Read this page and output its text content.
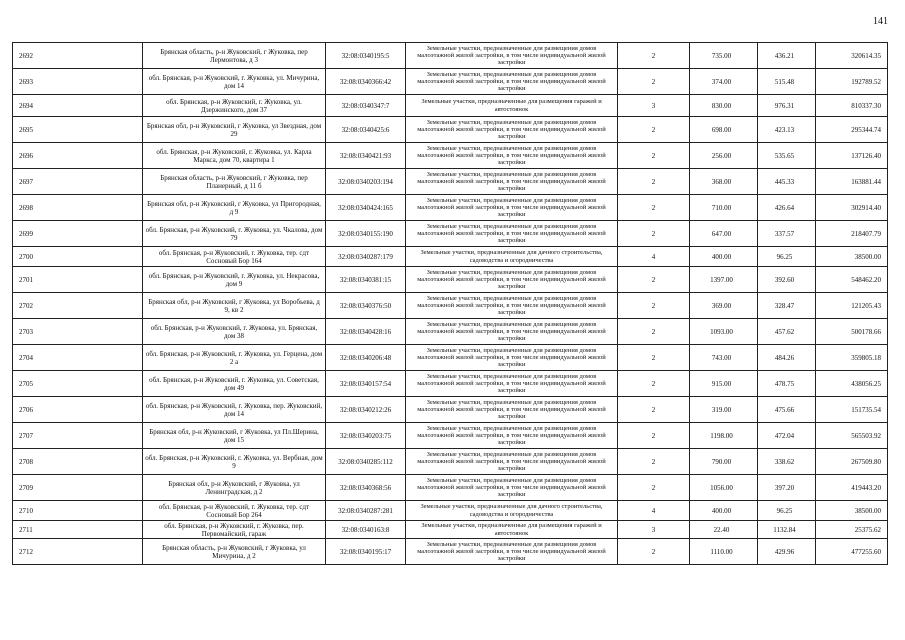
141
2692	Брянская область, р-н Жуковский, г Жуковка, пер Лермонтова, д 3	32:08:0340195:5	Земельные участки, предназначенные для размещения домов малоэтажной жилой застройки, в том числе индивидуальной жилой застройки	2	735.00	436.21	320614.35
2693	обл. Брянская, р-н Жуковский, г. Жуковка, ул. Мичурина, дом 14	32:08:0340366:42	Земельные участки, предназначенные для размещения домов малоэтажной жилой застройки, в том числе индивидуальной жилой застройки	2	374.00	515.48	192789.52
2694	обл. Брянская, р-н Жуковский, г. Жуковка, ул. Дзержинского, дом 37	32:08:0340347:7	Земельные участки, предназначенные для размещения гаражей и автостоянок	3	830.00	976.31	810337.30
2695	Брянская обл, р-н Жуковский, г Жуковка, ул Звездная, дом 29	32:08:0340425:6	Земельные участки, предназначенные для размещения домов малоэтажной жилой застройки, в том числе индивидуальной жилой застройки	2	698.00	423.13	295344.74
2696	обл. Брянская, р-н Жуковский, г. Жуковка, ул. Карла Маркса, дом 70, квартира 1	32:08:0340421:93	Земельные участки, предназначенные для размещения домов малоэтажной жилой застройки, в том числе индивидуальной жилой застройки	2	256.00	535.65	137126.40
2697	Брянская область, р-н Жуковский, г Жуковка, пер Планерный, д 11 б	32:08:0340203:194	Земельные участки, предназначенные для размещения домов малоэтажной жилой застройки, в том числе индивидуальной жилой застройки	2	368.00	445.33	163881.44
2698	Брянская обл, р-н Жуковский, г Жуковка, ул Пригородная, д 9	32:08:0340424:165	Земельные участки, предназначенные для размещения домов малоэтажной жилой застройки, в том числе индивидуальной жилой застройки	2	710.00	426.64	302914.40
2699	обл. Брянская, р-н Жуковский, г. Жуковка, ул. Чкалова, дом 79	32:08:0340155:190	Земельные участки, предназначенные для размещения домов малоэтажной жилой застройки, в том числе индивидуальной жилой застройки	2	647.00	337.57	218407.79
2700	обл. Брянская, р-н Жуковский, г. Жуковка, тер. сдт Сосновый Бор 164	32:08:0340287:179	Земельные участки, предназначенные для дачного строительства, садоводства и огородничества	4	400.00	96.25	38500.00
2701	обл. Брянская, р-н Жуковский, г. Жуковка, ул. Некрасова, дом 9	32:08:0340381:15	Земельные участки, предназначенные для размещения домов малоэтажной жилой застройки, в том числе индивидуальной жилой застройки	2	1397.00	392.60	548462.20
2702	Брянская обл, р-н Жуковский, г Жуковка, ул Воробьева, д 9, кв 2	32:08:0340376:50	Земельные участки, предназначенные для размещения домов малоэтажной жилой застройки, в том числе индивидуальной жилой застройки	2	369.00	328.47	121205.43
2703	обл. Брянская, р-н Жуковский, г. Жуковка, ул. Брянская, дом 38	32:08:0340428:16	Земельные участки, предназначенные для размещения домов малоэтажной жилой застройки, в том числе индивидуальной жилой застройки	2	1093.00	457.62	500178.66
2704	обл. Брянская, р-н Жуковский, г. Жуковка, ул. Герцена, дом 2 а	32:08:0340206:48	Земельные участки, предназначенные для размещения домов малоэтажной жилой застройки, в том числе индивидуальной жилой застройки	2	743.00	484.26	359805.18
2705	обл. Брянская, р-н Жуковский, г. Жуковка, ул. Советская, дом 49	32:08:0340157:54	Земельные участки, предназначенные для размещения домов малоэтажной жилой застройки, в том числе индивидуальной жилой застройки	2	915.00	478.75	438056.25
2706	обл. Брянская, р-н Жуковский, г. Жуковка, пер. Жуковский, дом 14	32:08:0340212:26	Земельные участки, предназначенные для размещения домов малоэтажной жилой застройки, в том числе индивидуальной жилой застройки	2	319.00	475.66	151735.54
2707	Брянская обл, р-н Жуковский, г Жуковка, ул Пл.Шерина, дом 15	32:08:0340203:75	Земельные участки, предназначенные для размещения домов малоэтажной жилой застройки, в том числе индивидуальной жилой застройки	2	1198.00	472.04	565503.92
2708	обл. Брянская, р-н Жуковский, г. Жуковка, ул. Вербная, дом 9	32:08:0340285:112	Земельные участки, предназначенные для размещения домов малоэтажной жилой застройки, в том числе индивидуальной жилой застройки	2	790.00	338.62	267509.80
2709	Брянская обл, р-н Жуковский, г Жуковка, ул Ленинградская, д 2	32:08:0340368:56	Земельные участки, предназначенные для размещения домов малоэтажной жилой застройки, в том числе индивидуальной жилой застройки	2	1056.00	397.20	419443.20
2710	обл. Брянская, р-н Жуковский, г. Жуковка, тер. сдт Сосновый Бор 264	32:08:0340287:281	Земельные участки, предназначенные для дачного строительства, садоводства и огородничества	4	400.00	96.25	38500.00
2711	обл. Брянская, р-н Жуковский, г. Жуковка, пер. Первомайский, гараж	32:08:0340163:8	Земельные участки, предназначенные для размещения гаражей и автостоянок	3	22.40	1132.84	25375.62
2712	Брянская область, р-н Жуковский, г Жуковка, ул Мичурина, д 2	32:08:0340195:17	Земельные участки, предназначенные для размещения домов малоэтажной жилой застройки, в том числе индивидуальной жилой застройки	2	1110.00	429.96	477255.60
